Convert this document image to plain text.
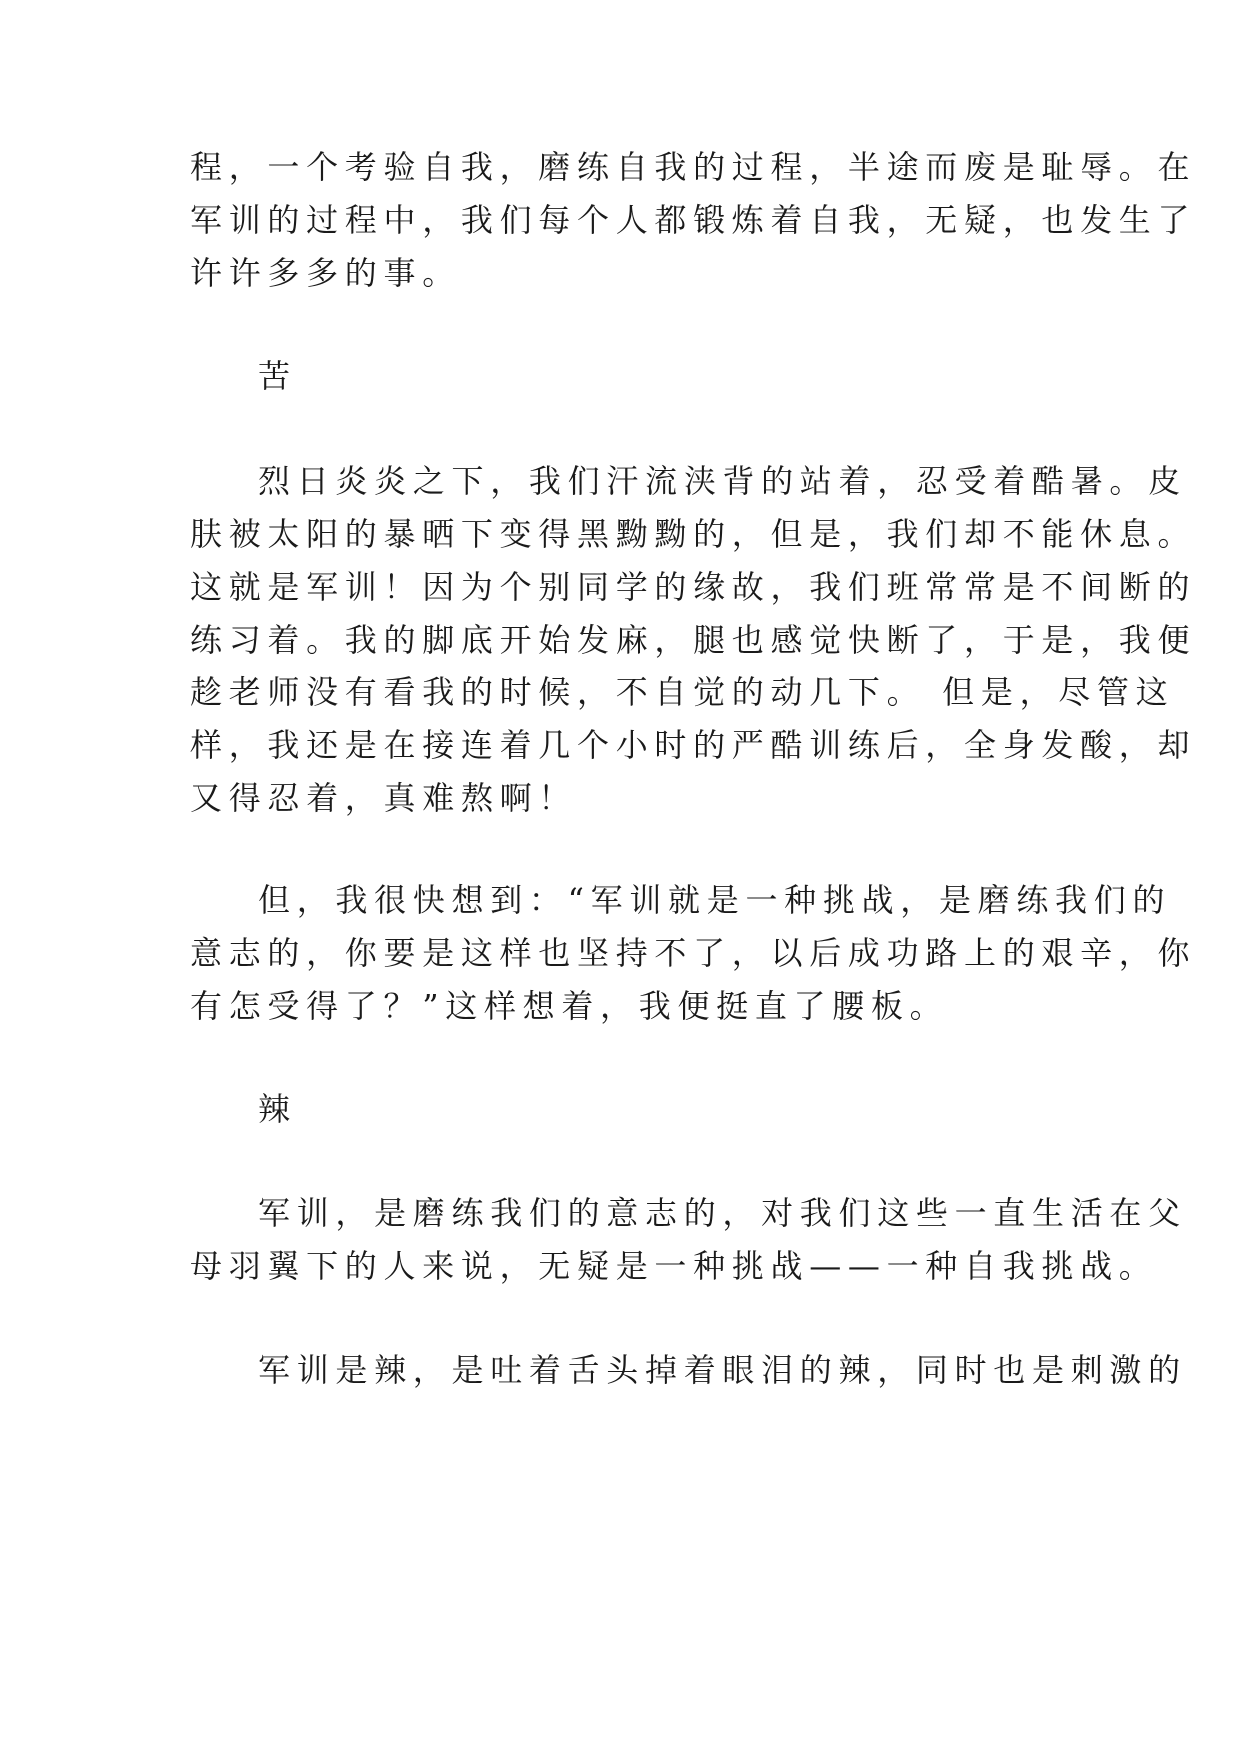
程，一个考验自我，磨练自我的过程，半途而废是耻辱。在
军训的过程中，我们每个人都锻炼着自我，无疑，也发生了
许许多多的事。
苦
烈日炎炎之下，我们汗流浃背的站着，忍受着酷暑。皮
肤被太阳的暴晒下变得黑黝黝的，但是，我们却不能休息。
这就是军训！因为个别同学的缘故，我们班常常是不间断的
练习着。我的脚底开始发麻，腿也感觉快断了，于是，我便
趁老师没有看我的时候，不自觉的动几下。 但是，尽管这
样，我还是在接连着几个小时的严酷训练后，全身发酸，却
又得忍着，真难熬啊！
但，我很快想到：“军训就是一种挑战，是磨练我们的
意志的，你要是这样也坚持不了，以后成功路上的艰辛，你
有怎受得了？”这样想着，我便挺直了腰板。
辣
军训，是磨练我们的意志的，对我们这些一直生活在父
母羽翼下的人来说，无疑是一种挑战——一种自我挑战。
军训是辣，是吐着舌头掉着眼泪的辣，同时也是刺激的
